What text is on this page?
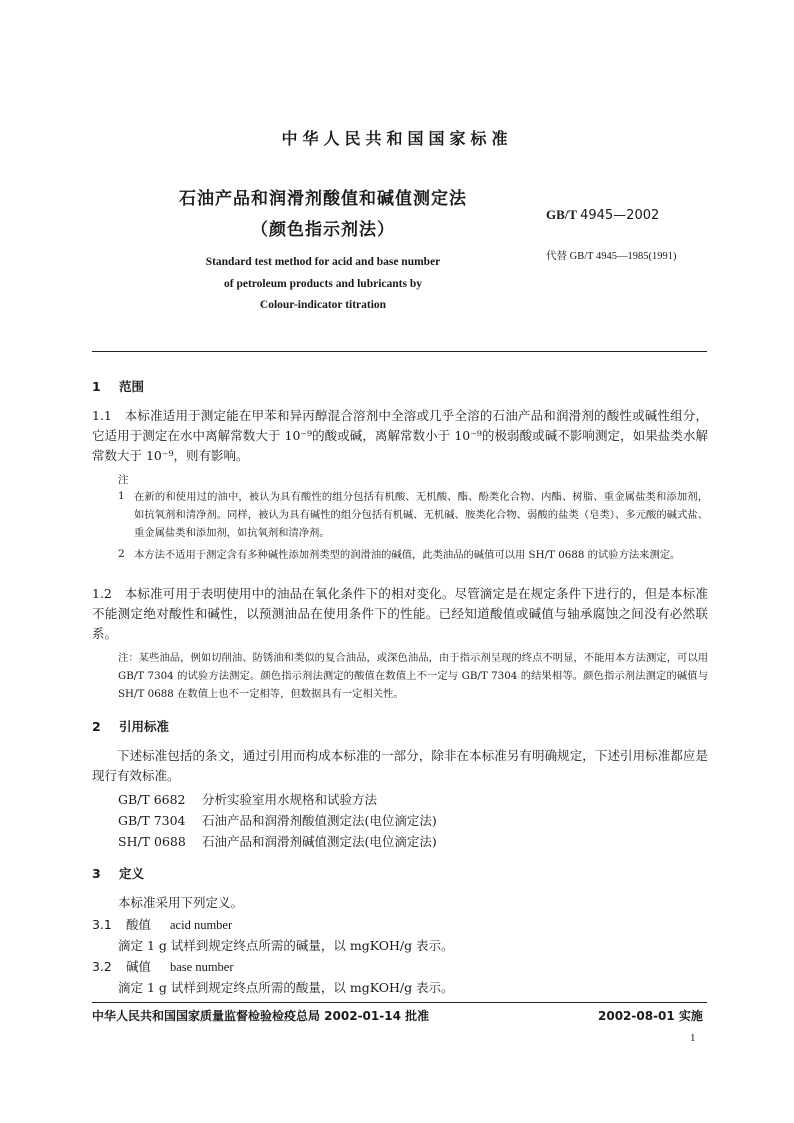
中华人民共和国国家标准
石油产品和润滑剂酸值和碱值测定法
（颜色指示剂法）
GB/T 4945—2002
代替 GB/T 4945—1985(1991)
Standard test method for acid and base number
of petroleum products and lubricants by
Colour-indicator titration
1 范围
1.1　本标准适用于测定能在甲苯和异丙醇混合溶剂中全溶或几乎全溶的石油产品和润滑剂的酸性或碱性组分，它适用于测定在水中离解常数大于 10⁻⁹的酸或碱，离解常数小于 10⁻⁹的极弱酸或碱不影响测定，如果盐类水解常数大于 10⁻⁹，则有影响。
注
1 在新的和使用过的油中，被认为具有酸性的组分包括有机酸、无机酸、酯、酚类化合物、内酯、树脂、重金属盐类和添加剂，如抗氧剂和清净剂。同样，被认为具有碱性的组分包括有机碱、无机碱、胺类化合物、弱酸的盐类（皂类）、多元酸的碱式盐、重金属盐类和添加剂，如抗氧剂和清净剂。
2 本方法不适用于测定含有多种碱性添加剂类型的润滑油的碱值，此类油品的碱值可以用 SH/T 0688 的试验方法来测定。
1.2　本标准可用于表明使用中的油品在氧化条件下的相对变化。尽管滴定是在规定条件下进行的，但是本标准不能测定绝对酸性和碱性，以预测油品在使用条件下的性能。已经知道酸值或碱值与轴承腐蚀之间没有必然联系。
注：某些油品，例如切削油、防锈油和类似的复合油品，或深色油品，由于指示剂呈现的终点不明显，不能用本方法测定，可以用 GB/T 7304 的试验方法测定。颜色指示剂法测定的酸值在数值上不一定与 GB/T 7304 的结果相等。颜色指示剂法测定的碱值与 SH/T 0688 在数值上也不一定相等，但数据具有一定相关性。
2 引用标准
下述标准包括的条文，通过引用而构成本标准的一部分，除非在本标准另有明确规定，下述引用标准都应是现行有效标准。
GB/T 6682 分析实验室用水规格和试验方法
GB/T 7304 石油产品和润滑剂酸值测定法(电位滴定法)
SH/T 0688 石油产品和润滑剂碱值测定法(电位滴定法)
3 定义
本标准采用下列定义。
3.1 酸值 acid number
滴定 1 g 试样到规定终点所需的碱量，以 mgKOH/g 表示。
3.2 碱值 base number
滴定 1 g 试样到规定终点所需的酸量，以 mgKOH/g 表示。
中华人民共和国国家质量监督检验检疫总局 2002-01-14 批准	2002-08-01 实施
1
